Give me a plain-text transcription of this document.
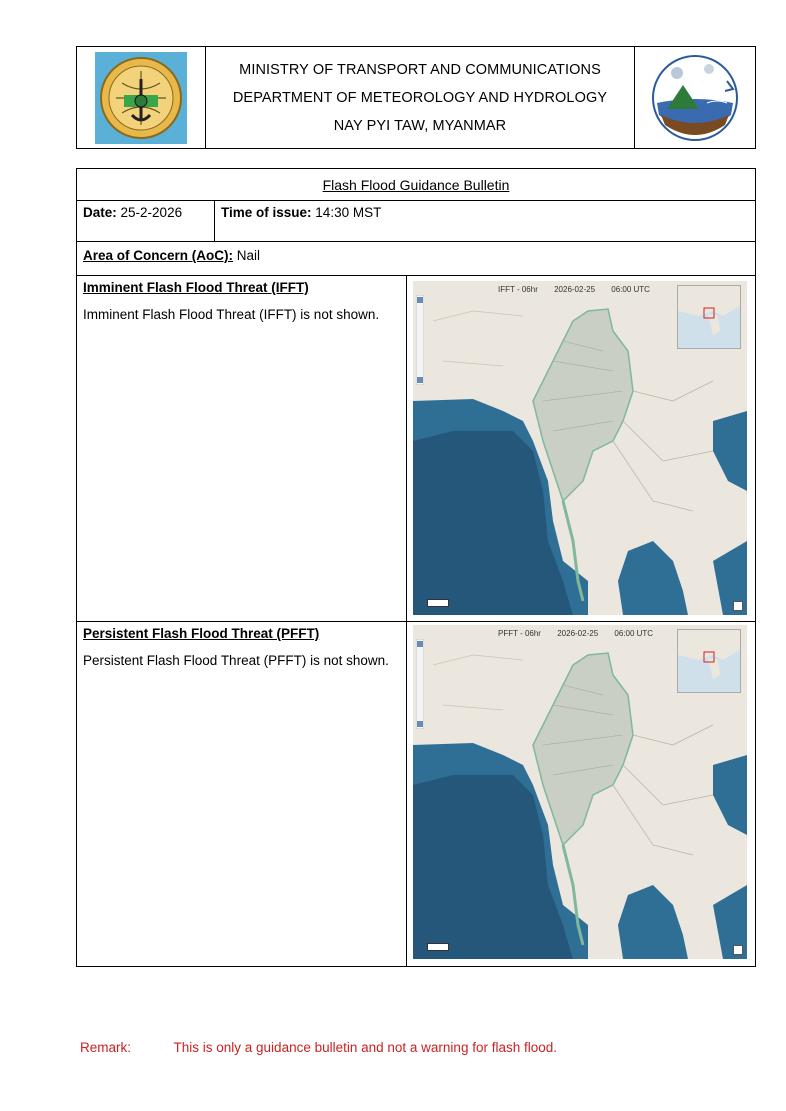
MINISTRY OF TRANSPORT AND COMMUNICATIONS
DEPARTMENT OF METEOROLOGY AND HYDROLOGY
NAY PYI TAW, MYANMAR
Flash Flood Guidance Bulletin
Date: 25-2-2026	Time of issue: 14:30 MST
Area of Concern (AoC): Nail
Imminent Flash Flood Threat (IFFT)
Imminent Flash Flood Threat (IFFT) is not shown.
IFFT - 06hr 2026-02-25 06:00 UTC
Persistent Flash Flood Threat (PFFT)
Persistent Flash Flood Threat (PFFT) is not shown.
PFFT - 06hr 2026-02-25 06:00 UTC
Remark:	This is only a guidance bulletin and not a warning for flash flood.
